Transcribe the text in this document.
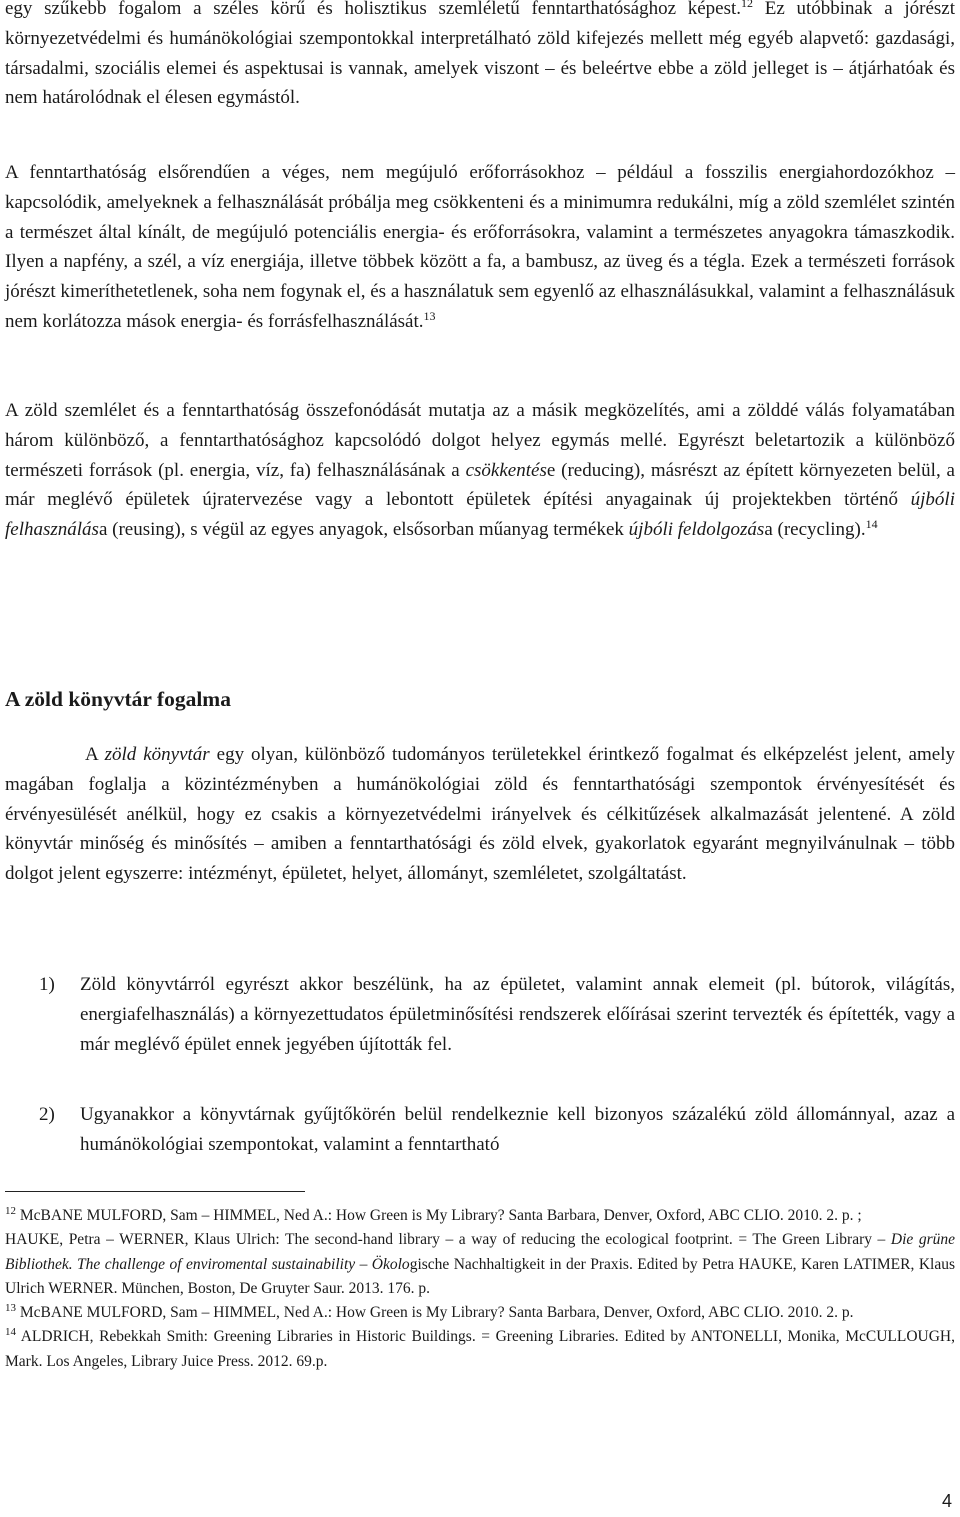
egy szűkebb fogalom a széles körű és holisztikus szemléletű fenntarthatósághoz képest.$^{12}$ Ez utóbbinak a jórészt környezetvédelmi és humánökológiai szempontokkal interpretálható zöld kifejezés mellett még egyéb alapvető: gazdasági, társadalmi, szociális elemei és aspektusai is vannak, amelyek viszont – és beleértve ebbe a zöld jelleget is – átjárhatóak és nem határolódnak el élesen egymástól.

A fenntarthatóság elsőrendűen a véges, nem megújuló erőforrásokhoz – például a fosszilis energiahordozókhoz – kapcsolódik, amelyeknek a felhasználását próbálja meg csökkenteni és a minimumra redukálni, míg a zöld szemlélet szintén a természet által kínált, de megújuló potenciális energia- és erőforrásokra, valamint a természetes anyagokra támaszkodik. Ilyen a napfény, a szél, a víz energiája, illetve többek között a fa, a bambusz, az üveg és a tégla. Ezek a természeti források jórészt kimeríthetetlenek, soha nem fogynak el, és a használatuk sem egyenlő az elhasználásukkal, valamint a felhasználásuk nem korlátozza mások energia- és forrásfelhasználását.$^{13}$

A zöld szemlélet és a fenntarthatóság összefonódását mutatja az a másik megközelítés, ami a zölddé válás folyamatában három különböző, a fenntarthatósághoz kapcsolódó dolgot helyez egymás mellé. Egyrészt beletartozik a különböző természeti források (pl. energia, víz, fa) felhasználásának a csökkentése (reducing), másrészt az épített környezeten belül, a már meglévő épületek újratervezése vagy a lebontott épületek építési anyagainak új projektekben történő újbóli felhasználása (reusing), s végül az egyes anyagok, elsősorban műanyag termékek újbóli feldolgozása (recycling).$^{14}$

A zöld könyvtár fogalma

A zöld könyvtár egy olyan, különböző tudományos területekkel érintkező fogalmat és elképzelést jelent, amely magában foglalja a közintézményben a humánökológiai zöld és fenntarthatósági szempontok érvényesítését és érvényesülését anélkül, hogy ez csakis a környezetvédelmi irányelvek és célkitűzések alkalmazását jelentené. A zöld könyvtár minőség és minősítés – amiben a fenntarthatósági és zöld elvek, gyakorlatok egyaránt megnyilvánulnak – több dolgot jelent egyszerre: intézményt, épületet, helyet, állományt, szemléletet, szolgáltatást.

1) Zöld könyvtárról egyrészt akkor beszélünk, ha az épületet, valamint annak elemeit (pl. bútorok, világítás, energiafelhasználás) a környezettudatos épületminősítési rendszerek előírásai szerint tervezték és építették, vagy a már meglévő épület ennek jegyében újították fel.
2) Ugyanakkor a könyvtárnak gyűjtőkörén belül rendelkeznie kell bizonyos százalékú zöld állománnyal, azaz a humánökológiai szempontokat, valamint a fenntartható

$^{12}$ McBANE MULFORD, Sam – HIMMEL, Ned A.: How Green is My Library? Santa Barbara, Denver, Oxford, ABC CLIO. 2010. 2. p. ;
HAUKE, Petra – WERNER, Klaus Ulrich: The second-hand library – a way of reducing the ecological footprint. = The Green Library – Die grüne Bibliothek. The challenge of enviromental sustainability – Ökologische Nachhaltigkeit in der Praxis. Edited by Petra HAUKE, Karen LATIMER, Klaus Ulrich WERNER. München, Boston, De Gruyter Saur. 2013. 176. p.

$^{13}$ McBANE MULFORD, Sam – HIMMEL, Ned A.: How Green is My Library? Santa Barbara, Denver, Oxford, ABC CLIO. 2010. 2. p.

$^{14}$ ALDRICH, Rebekkah Smith: Greening Libraries in Historic Buildings. = Greening Libraries. Edited by ANTONELLI, Monika, McCULLOUGH, Mark. Los Angeles, Library Juice Press. 2012. 69.p.

4
